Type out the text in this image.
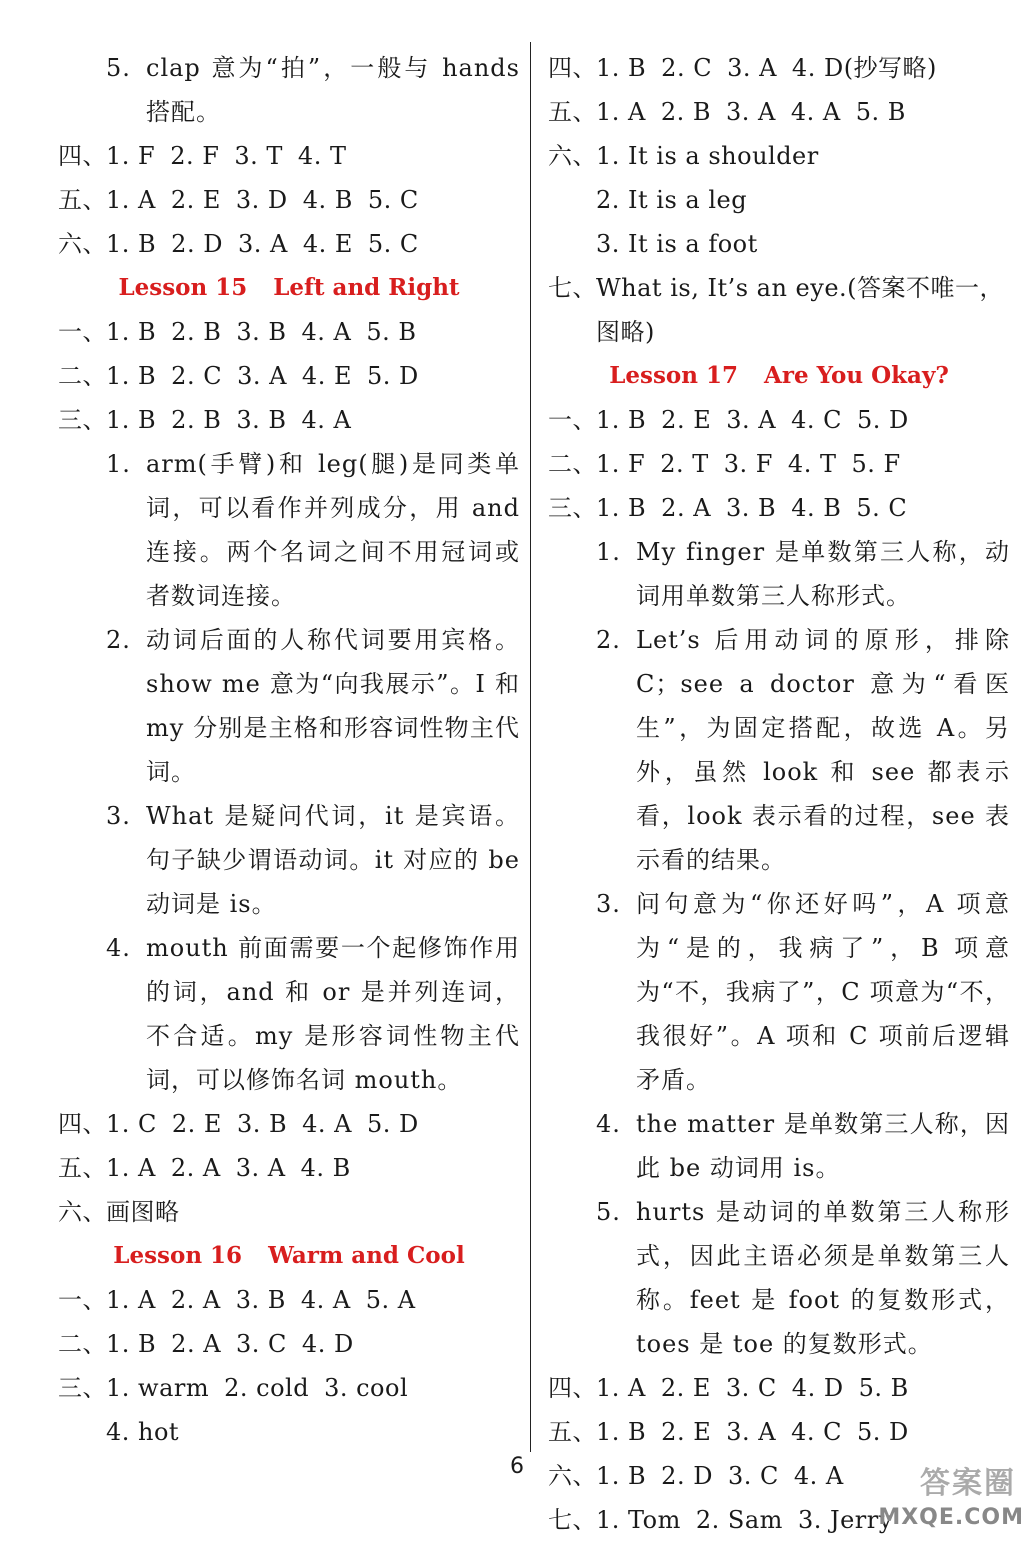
5. clap 意为“拍”，一般与 hands 搭配。
四、1. F 2. F 3. T 4. T
五、1. A 2. E 3. D 4. B 5. C
六、1. B 2. D 3. A 4. E 5. C
Lesson 15 Left and Right
一、1. B 2. B 3. B 4. A 5. B
二、1. B 2. C 3. A 4. E 5. D
三、1. B 2. B 3. B 4. A
1. arm(手臂)和 leg(腿)是同类单词，可以看作并列成分，用 and 连接。两个名词之间不用冠词或者数词连接。
2. 动词后面的人称代词要用宾格。show me 意为“向我展示”。I 和 my 分别是主格和形容词性物主代词。
3. What 是疑问代词，it 是宾语。句子缺少谓语动词。it 对应的 be 动词是 is。
4. mouth 前面需要一个起修饰作用的词，and 和 or 是并列连词，不合适。my 是形容词性物主代词，可以修饰名词 mouth。
四、1. C 2. E 3. B 4. A 5. D
五、1. A 2. A 3. A 4. B
六、画图略
Lesson 16 Warm and Cool
一、1. A 2. A 3. B 4. A 5. A
二、1. B 2. A 3. C 4. D
三、1. warm 2. cold 3. cool
4. hot
四、1. B 2. C 3. A 4. D(抄写略)
五、1. A 2. B 3. A 4. A 5. B
六、1. It is a shoulder
2. It is a leg
3. It is a foot
七、What is, It’s an eye.(答案不唯一，
图略)
Lesson 17 Are You Okay?
一、1. B 2. E 3. A 4. C 5. D
二、1. F 2. T 3. F 4. T 5. F
三、1. B 2. A 3. B 4. B 5. C
1. My finger 是单数第三人称，动词用单数第三人称形式。
2. Let’s 后用动词的原形，排除 C；see a doctor 意为“看医生”，为固定搭配，故选 A。另外，虽然 look 和 see 都表示看，look 表示看的过程，see 表示看的结果。
3. 问句意为“你还好吗”，A 项意为“是的，我病了”，B 项意为“不，我病了”，C 项意为“不，我很好”。A 项和 C 项前后逻辑矛盾。
4. the matter 是单数第三人称，因此 be 动词用 is。
5. hurts 是动词的单数第三人称形式，因此主语必须是单数第三人称。feet 是 foot 的复数形式，toes 是 toe 的复数形式。
四、1. A 2. E 3. C 4. D 5. B
五、1. B 2. E 3. A 4. C 5. D
六、1. B 2. D 3. C 4. A
七、1. Tom 2. Sam 3. Jerry
6	答案圈
MXQE.COM
